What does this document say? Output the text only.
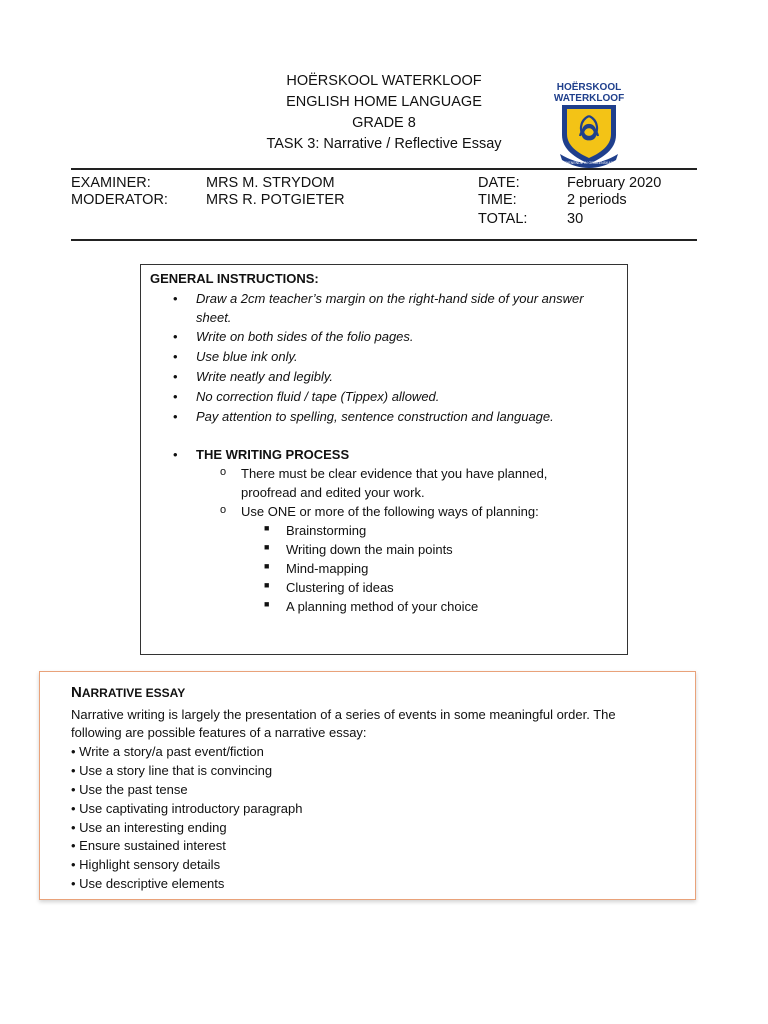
HOËRSKOOL WATERKLOOF
ENGLISH HOME LANGUAGE
GRADE 8
TASK 3: Narrative / Reflective Essay
HOËRSKOOL
WATERKLOOF
DIENENDE IN GEMEENSKAP
EXAMINER:	MRS M. STRYDOM
MODERATOR:	MRS R. POTGIETER
DATE:	February 2020
TIME:	2 periods
TOTAL:	30
GENERAL INSTRUCTIONS:
• Draw a 2cm teacher’s margin on the right-hand side of your answer
sheet.
• Write on both sides of the folio pages.
• Use blue ink only.
• Write neatly and legibly.
• No correction fluid / tape (Tippex) allowed.
• Pay attention to spelling, sentence construction and language.
• THE WRITING PROCESS
o There must be clear evidence that you have planned,
proofread and edited your work.
o Use ONE or more of the following ways of planning:
■ Brainstorming
■ Writing down the main points
■ Mind-mapping
■ Clustering of ideas
■ A planning method of your choice
NARRATIVE ESSAY
Narrative writing is largely the presentation of a series of events in some meaningful order. The
following are possible features of a narrative essay:
• Write a story/a past event/fiction
• Use a story line that is convincing
• Use the past tense
• Use captivating introductory paragraph
• Use an interesting ending
• Ensure sustained interest
• Highlight sensory details
• Use descriptive elements
